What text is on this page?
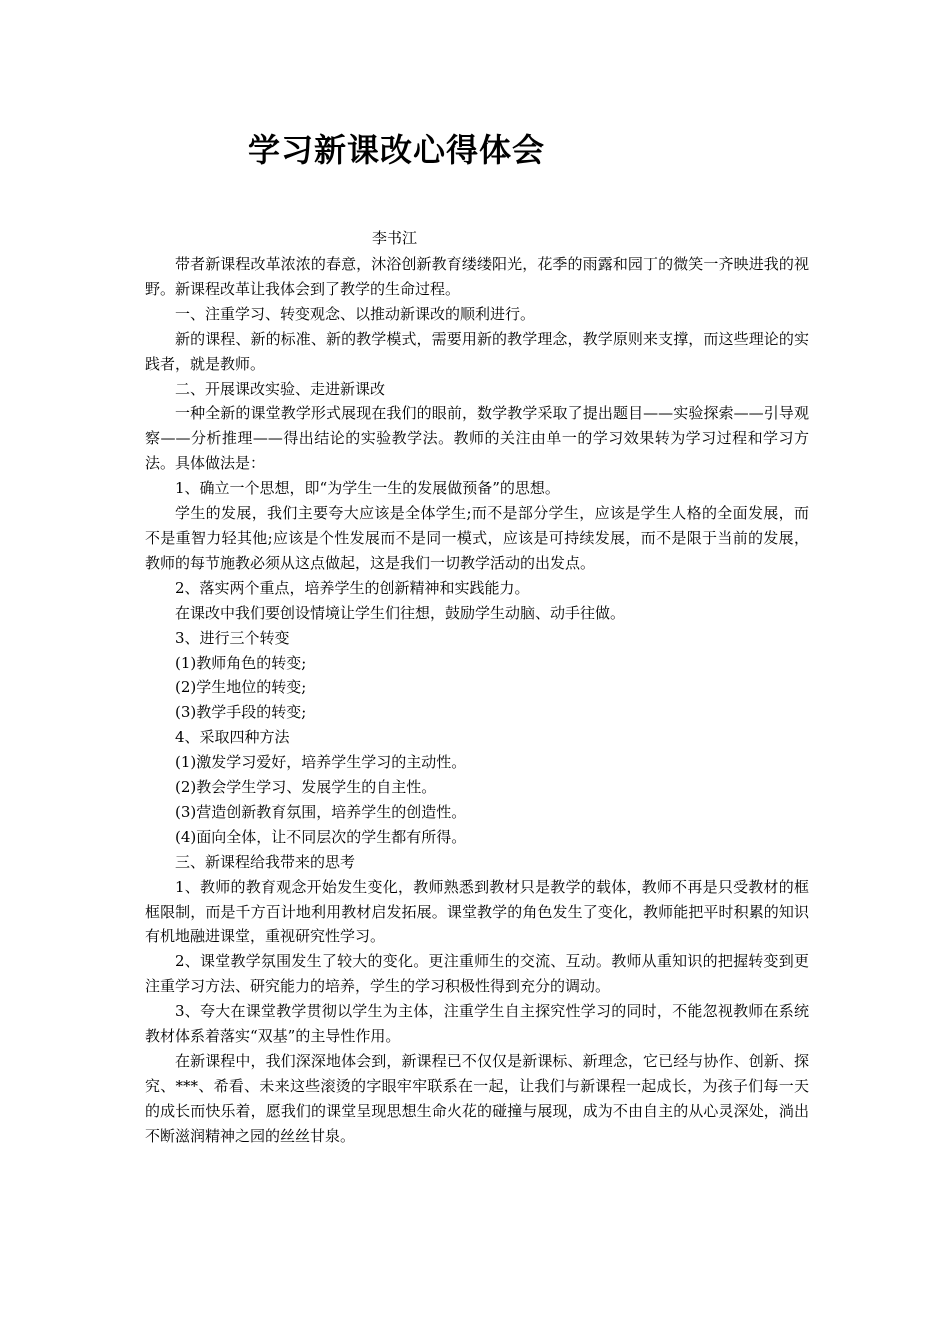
学习新课改心得体会
李书江

带者新课程改革浓浓的春意，沐浴创新教育缕缕阳光，花季的雨露和园丁的微笑一齐映进我的视野。新课程改革让我体会到了教学的生命过程。

一、注重学习、转变观念、以推动新课改的顺利进行。

新的课程、新的标准、新的教学模式，需要用新的教学理念，教学原则来支撑，而这些理论的实践者，就是教师。

二、开展课改实验、走进新课改

一种全新的课堂教学形式展现在我们的眼前，数学教学采取了提出题目——实验探索——引导观察——分析推理——得出结论的实验教学法。教师的关注由单一的学习效果转为学习过程和学习方法。具体做法是：

1、确立一个思想，即“为学生一生的发展做预备”的思想。

学生的发展，我们主要夸大应该是全体学生;而不是部分学生，应该是学生人格的全面发展，而不是重智力轻其他;应该是个性发展而不是同一模式，应该是可持续发展，而不是限于当前的发展，教师的每节施教必须从这点做起，这是我们一切教学活动的出发点。

2、落实两个重点，培养学生的创新精神和实践能力。

在课改中我们要创设情境让学生们往想，鼓励学生动脑、动手往做。

3、进行三个转变

(1)教师角色的转变;

(2)学生地位的转变;

(3)教学手段的转变;

4、采取四种方法

(1)激发学习爱好，培养学生学习的主动性。

(2)教会学生学习、发展学生的自主性。

(3)营造创新教育氛围，培养学生的创造性。

(4)面向全体，让不同层次的学生都有所得。

三、新课程给我带来的思考

1、教师的教育观念开始发生变化，教师熟悉到教材只是教学的载体，教师不再是只受教材的框框限制，而是千方百计地利用教材启发拓展。课堂教学的角色发生了变化，教师能把平时积累的知识有机地融进课堂，重视研究性学习。

2、课堂教学氛围发生了较大的变化。更注重师生的交流、互动。教师从重知识的把握转变到更注重学习方法、研究能力的培养，学生的学习积极性得到充分的调动。

3、夸大在课堂教学贯彻以学生为主体，注重学生自主探究性学习的同时，不能忽视教师在系统教材体系着落实“双基”的主导性作用。

在新课程中，我们深深地体会到，新课程已不仅仅是新课标、新理念，它已经与协作、创新、探究、***、希看、未来这些滚烫的字眼牢牢联系在一起，让我们与新课程一起成长，为孩子们每一天的成长而快乐着，愿我们的课堂呈现思想生命火花的碰撞与展现，成为不由自主的从心灵深处，淌出不断滋润精神之园的丝丝甘泉。
